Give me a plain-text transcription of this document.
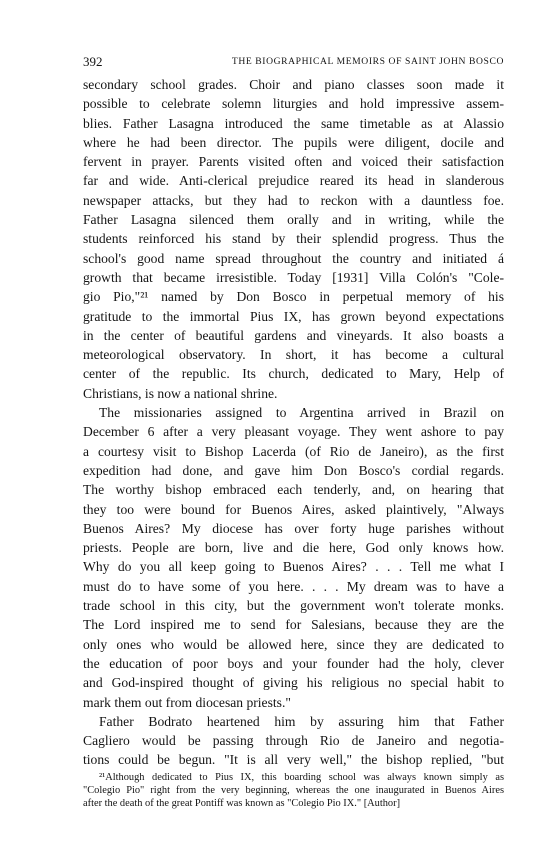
392	THE BIOGRAPHICAL MEMOIRS OF SAINT JOHN BOSCO
secondary school grades. Choir and piano classes soon made it
possible to celebrate solemn liturgies and hold impressive assem-
blies. Father Lasagna introduced the same timetable as at Alassio
where he had been director. The pupils were diligent, docile and
fervent in prayer. Parents visited often and voiced their satisfaction
far and wide. Anti-clerical prejudice reared its head in slanderous
newspaper attacks, but they had to reckon with a dauntless foe.
Father Lasagna silenced them orally and in writing, while the
students reinforced his stand by their splendid progress. Thus the
school's good name spread throughout the country and initiated á
growth that became irresistible. Today [1931] Villa Colón's "Cole-
gio Pio,"²¹ named by Don Bosco in perpetual memory of his
gratitude to the immortal Pius IX, has grown beyond expectations
in the center of beautiful gardens and vineyards. It also boasts a
meteorological observatory. In short, it has become a cultural
center of the republic. Its church, dedicated to Mary, Help of
Christians, is now a national shrine.
The missionaries assigned to Argentina arrived in Brazil on
December 6 after a very pleasant voyage. They went ashore to pay
a courtesy visit to Bishop Lacerda (of Rio de Janeiro), as the first
expedition had done, and gave him Don Bosco's cordial regards.
The worthy bishop embraced each tenderly, and, on hearing that
they too were bound for Buenos Aires, asked plaintively, "Always
Buenos Aires? My diocese has over forty huge parishes without
priests. People are born, live and die here, God only knows how.
Why do you all keep going to Buenos Aires? . . . Tell me what I
must do to have some of you here. . . . My dream was to have a
trade school in this city, but the government won't tolerate monks.
The Lord inspired me to send for Salesians, because they are the
only ones who would be allowed here, since they are dedicated to
the education of poor boys and your founder had the holy, clever
and God-inspired thought of giving his religious no special habit to
mark them out from diocesan priests."
Father Bodrato heartened him by assuring him that Father
Cagliero would be passing through Rio de Janeiro and negotia-
tions could be begun. "It is all very well," the bishop replied, "but
²¹Although dedicated to Pius IX, this boarding school was always known simply as
"Colegio Pio" right from the very beginning, whereas the one inaugurated in Buenos Aires
after the death of the great Pontiff was known as "Colegio Pio IX." [Author]
